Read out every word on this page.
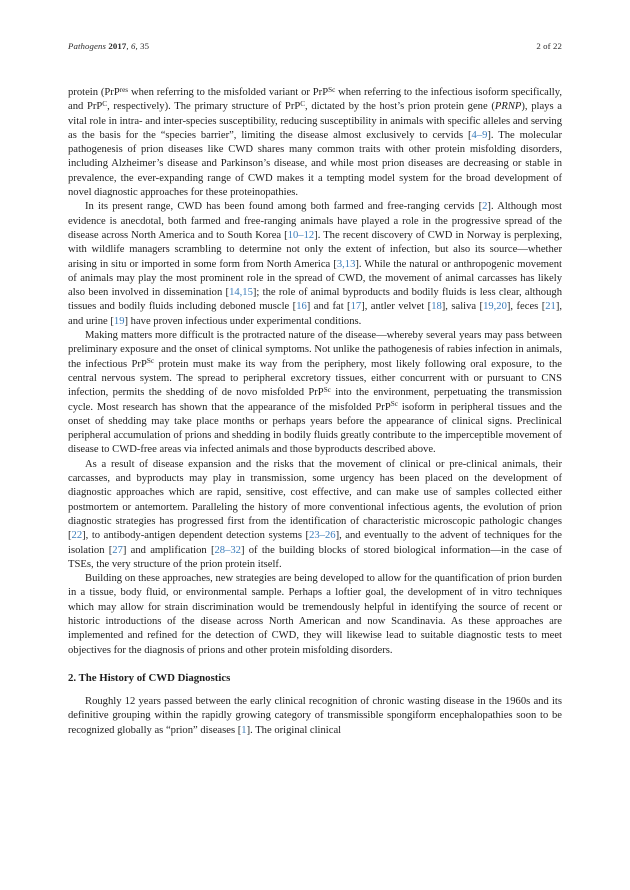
Pathogens 2017, 6, 35	2 of 22

protein (PrP$^{res}$ when referring to the misfolded variant or PrP$^{Sc}$ when referring to the infectious isoform specifically, and PrP$^C$, respectively). The primary structure of PrP$^C$, dictated by the host’s prion protein gene (PRNP), plays a vital role in intra- and inter-species susceptibility, reducing susceptibility in animals with specific alleles and serving as the basis for the “species barrier”, limiting the disease almost exclusively to cervids [4–9]. The molecular pathogenesis of prion diseases like CWD shares many common traits with other protein misfolding disorders, including Alzheimer’s disease and Parkinson’s disease, and while most prion diseases are decreasing or stable in prevalence, the ever-expanding range of CWD makes it a tempting model system for the broad development of novel diagnostic approaches for these proteinopathies.

In its present range, CWD has been found among both farmed and free-ranging cervids [2]. Although most evidence is anecdotal, both farmed and free-ranging animals have played a role in the progressive spread of the disease across North America and to South Korea [10–12]. The recent discovery of CWD in Norway is perplexing, with wildlife managers scrambling to determine not only the extent of infection, but also its source—whether arising in situ or imported in some form from North America [3,13]. While the natural or anthropogenic movement of animals may play the most prominent role in the spread of CWD, the movement of animal carcasses has likely also been involved in dissemination [14,15]; the role of animal byproducts and bodily fluids is less clear, although tissues and bodily fluids including deboned muscle [16] and fat [17], antler velvet [18], saliva [19,20], feces [21], and urine [19] have proven infectious under experimental conditions.

Making matters more difficult is the protracted nature of the disease—whereby several years may pass between preliminary exposure and the onset of clinical symptoms. Not unlike the pathogenesis of rabies infection in animals, the infectious PrP$^{Sc}$ protein must make its way from the periphery, most likely following oral exposure, to the central nervous system. The spread to peripheral excretory tissues, either concurrent with or pursuant to CNS infection, permits the shedding of de novo misfolded PrP$^{Sc}$ into the environment, perpetuating the transmission cycle. Most research has shown that the appearance of the misfolded PrP$^{Sc}$ isoform in peripheral tissues and the onset of shedding may take place months or perhaps years before the appearance of clinical signs. Preclinical peripheral accumulation of prions and shedding in bodily fluids greatly contribute to the imperceptible movement of disease to CWD-free areas via infected animals and those byproducts described above.

As a result of disease expansion and the risks that the movement of clinical or pre-clinical animals, their carcasses, and byproducts may play in transmission, some urgency has been placed on the development of diagnostic approaches which are rapid, sensitive, cost effective, and can make use of samples collected either postmortem or antemortem. Paralleling the history of more conventional infectious agents, the evolution of prion diagnostic strategies has progressed first from the identification of characteristic microscopic pathologic changes [22], to antibody-antigen dependent detection systems [23–26], and eventually to the advent of techniques for the isolation [27] and amplification [28–32] of the building blocks of stored biological information—in the case of TSEs, the very structure of the prion protein itself.

Building on these approaches, new strategies are being developed to allow for the quantification of prion burden in a tissue, body fluid, or environmental sample. Perhaps a loftier goal, the development of in vitro techniques which may allow for strain discrimination would be tremendously helpful in identifying the source of recent or historic introductions of the disease across North American and now Scandinavia. As these approaches are implemented and refined for the detection of CWD, they will likewise lead to suitable diagnostic tests to meet objectives for the diagnosis of prions and other protein misfolding disorders.

2. The History of CWD Diagnostics

Roughly 12 years passed between the early clinical recognition of chronic wasting disease in the 1960s and its definitive grouping within the rapidly growing category of transmissible spongiform encephalopathies soon to be recognized globally as “prion” diseases [1]. The original clinical
